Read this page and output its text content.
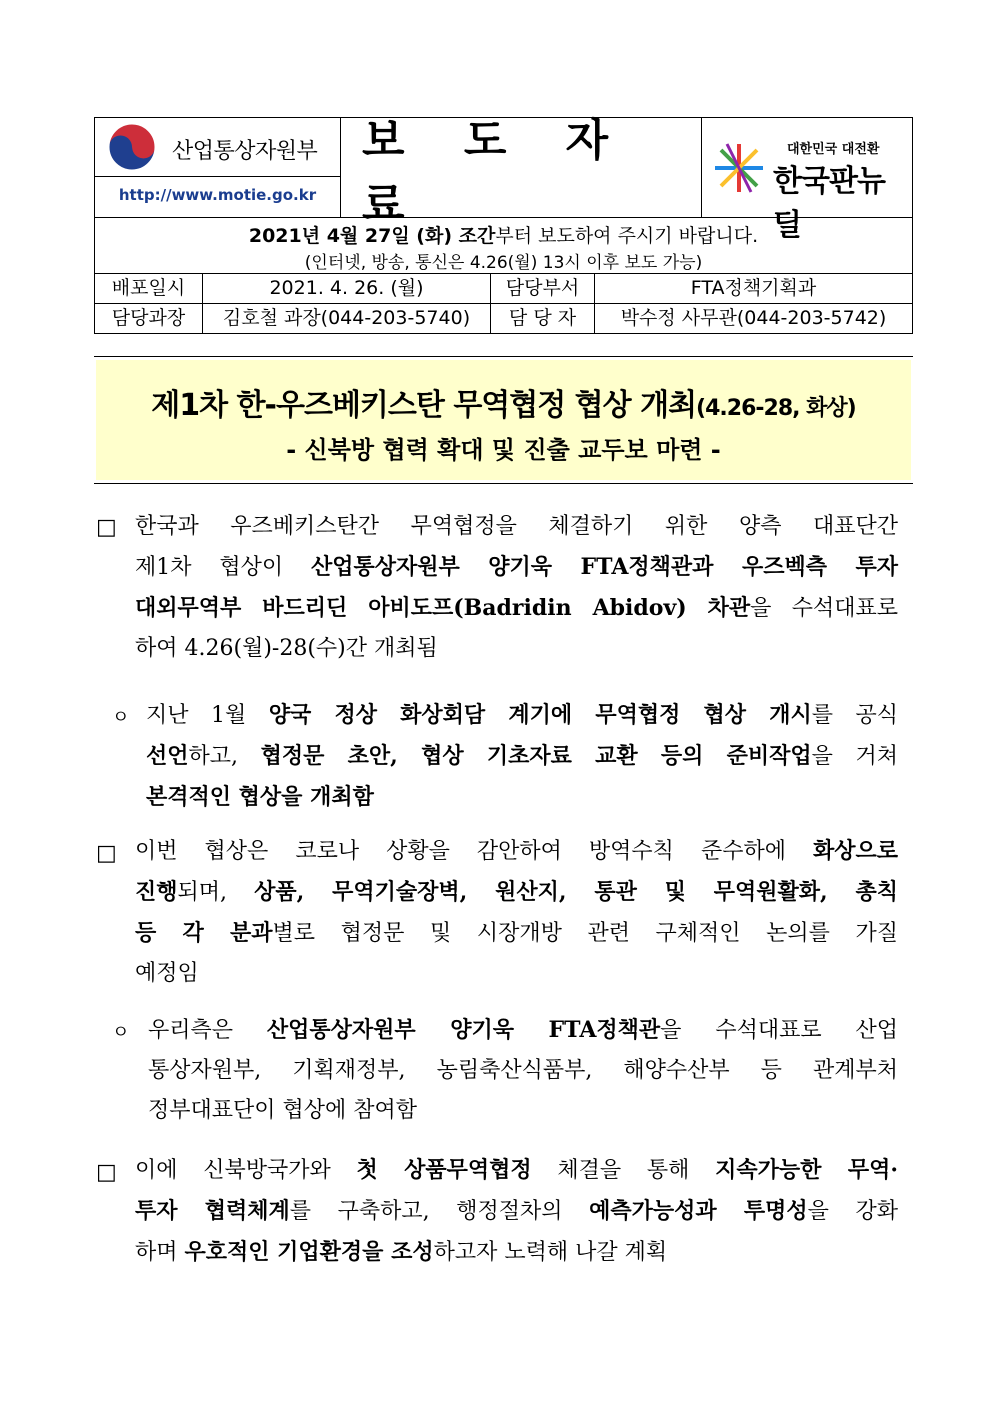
산업통상자원부
http://www.motie.go.kr
보 도 자 료
대한민국 대전환
한국판뉴딜
2021년 4월 27일 (화) 조간부터 보도하여 주시기 바랍니다.
(인터넷, 방송, 통신은 4.26(월) 13시 이후 보도 가능)
배포일시	2021. 4. 26. (월)	담당부서	FTA정책기획과
담당과장	김호철 과장(044-203-5740)	담 당 자	박수정 사무관(044-203-5742)
제1차 한-우즈베키스탄 무역협정 협상 개최(4.26-28, 화상)
- 신북방 협력 확대 및 진출 교두보 마련 -
□ 한국과 우즈베키스탄간 무역협정을 체결하기 위한 양측 대표단간
제1차 협상이 산업통상자원부 양기욱 FTA정책관과 우즈벡측 투자
대외무역부 바드리딘 아비도프(Badridin Abidov) 차관을 수석대표로
하여 4.26(월)-28(수)간 개최됨
ㅇ 지난 1월 양국 정상 화상회담 계기에 무역협정 협상 개시를 공식
선언하고, 협정문 초안, 협상 기초자료 교환 등의 준비작업을 거쳐
본격적인 협상을 개최함
□ 이번 협상은 코로나 상황을 감안하여 방역수칙 준수하에 화상으로
진행되며, 상품, 무역기술장벽, 원산지, 통관 및 무역원활화, 총칙
등 각 분과별로 협정문 및 시장개방 관련 구체적인 논의를 가질
예정임
ㅇ 우리측은 산업통상자원부 양기욱 FTA정책관을 수석대표로 산업
통상자원부, 기획재정부, 농림축산식품부, 해양수산부 등 관계부처
정부대표단이 협상에 참여함
□ 이에 신북방국가와 첫 상품무역협정 체결을 통해 지속가능한 무역·
투자 협력체계를 구축하고, 행정절차의 예측가능성과 투명성을 강화
하며 우호적인 기업환경을 조성하고자 노력해 나갈 계획
